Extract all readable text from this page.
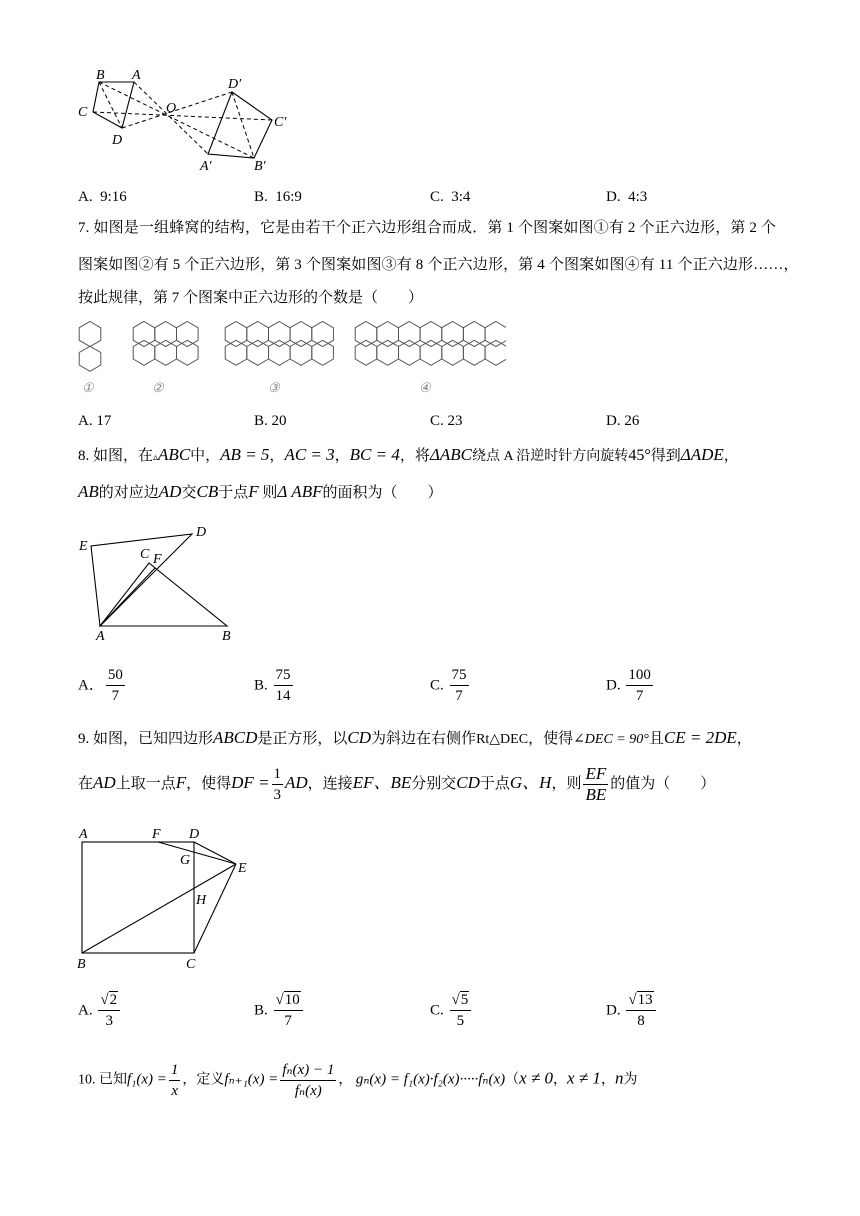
B A
C	O
D
D′
C′
A′	B′
A. 9:16	B. 16:9	C. 3:4	D. 4:3
7. 如图是一组蜂窝的结构，它是由若干个正六边形组合而成．第 1 个图案如图①有 2 个正六边形，第 2 个
图案如图②有 5 个正六边形，第 3 个图案如图③有 8 个正六边形，第 4 个图案如图④有 11 个正六边形……，
按此规律，第 7 个图案中正六边形的个数是（　　）
①	②	③	④
A. 17	B. 20	C. 23	D. 26
8. 如图，在▵ABC中，AB = 5，AC = 3，BC = 4，将ΔABC绕点 A 沿逆时针方向旋转45°得到ΔADE，
AB的对应边AD交CB于点F 则Δ ABF的面积为（　　）
E
D
C F
A	B
A． $\frac{50}{7}$	B. $\frac{75}{14}$	C. $\frac{75}{7}$	D. $\frac{100}{7}$
9. 如图，已知四边形ABCD是正方形，以CD为斜边在右侧作Rt△DEC，使得∠DEC = 90°且CE = 2DE，
在AD上取一点F，使得DF = $\frac{1}{3}$ AD，连接EF、BE分别交CD于点G、H，则 $\frac{EF}{BE}$ 的值为（　　）
A	F D
G
E
H
B	C
A. $\frac{√2}{3}$	B. $\frac{√10}{7}$	C. $\frac{√5}{5}$	D. $\frac{√13}{8}$
10. 已知$f_1(x) = \frac{1}{x}$ ，定义$f_{n+1}(x) = \frac{\text{fₙ(x) − 1}}{\text{fₙ(x)}}$ ， gₙ(x) = f₁(x)·f₂(x)·····fₙ(x)（x ≠ 0，x ≠ 1，n为
